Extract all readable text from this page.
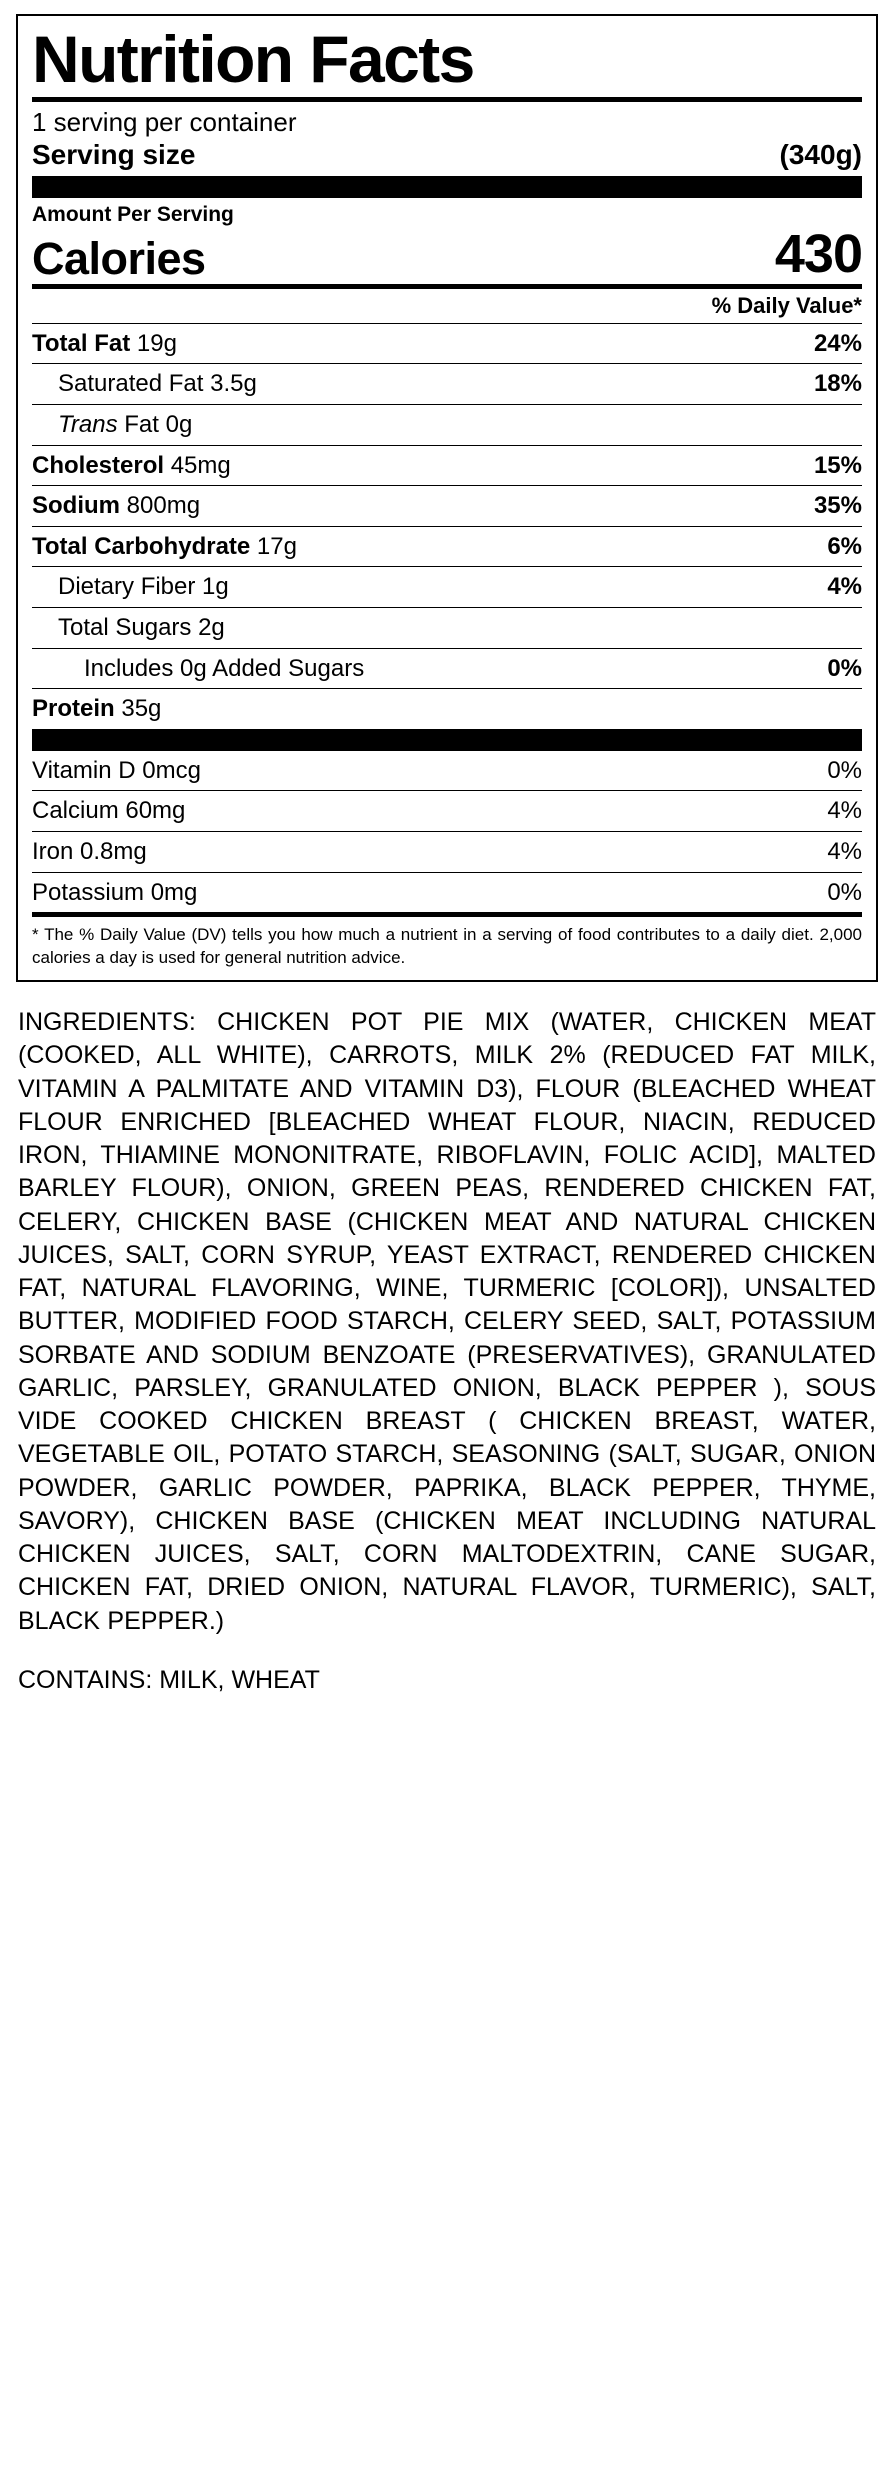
Nutrition Facts
1 serving per container
Serving size	(340g)
Amount Per Serving
Calories	430
% Daily Value*
Total Fat 19g	24%
Saturated Fat 3.5g	18%
Trans Fat 0g
Cholesterol 45mg	15%
Sodium 800mg	35%
Total Carbohydrate 17g	6%
Dietary Fiber 1g	4%
Total Sugars 2g
Includes 0g Added Sugars	0%
Protein 35g
Vitamin D 0mcg	0%
Calcium 60mg	4%
Iron 0.8mg	4%
Potassium 0mg	0%
* The % Daily Value (DV) tells you how much a nutrient in a serving of food contributes to a daily diet. 2,000 calories a day is used for general nutrition advice.
INGREDIENTS: CHICKEN POT PIE MIX (WATER, CHICKEN MEAT (COOKED, ALL WHITE), CARROTS, MILK 2% (REDUCED FAT MILK, VITAMIN A PALMITATE AND VITAMIN D3), FLOUR (BLEACHED WHEAT FLOUR ENRICHED [BLEACHED WHEAT FLOUR, NIACIN, REDUCED IRON, THIAMINE MONONITRATE, RIBOFLAVIN, FOLIC ACID], MALTED BARLEY FLOUR), ONION, GREEN PEAS, RENDERED CHICKEN FAT, CELERY, CHICKEN BASE (CHICKEN MEAT AND NATURAL CHICKEN JUICES, SALT, CORN SYRUP, YEAST EXTRACT, RENDERED CHICKEN FAT, NATURAL FLAVORING, WINE, TURMERIC [COLOR]), UNSALTED BUTTER, MODIFIED FOOD STARCH, CELERY SEED, SALT, POTASSIUM SORBATE AND SODIUM BENZOATE (PRESERVATIVES), GRANULATED GARLIC, PARSLEY, GRANULATED ONION, BLACK PEPPER ), SOUS VIDE COOKED CHICKEN BREAST ( CHICKEN BREAST, WATER, VEGETABLE OIL, POTATO STARCH, SEASONING (SALT, SUGAR, ONION POWDER, GARLIC POWDER, PAPRIKA, BLACK PEPPER, THYME, SAVORY), CHICKEN BASE (CHICKEN MEAT INCLUDING NATURAL CHICKEN JUICES, SALT, CORN MALTODEXTRIN, CANE SUGAR, CHICKEN FAT, DRIED ONION, NATURAL FLAVOR, TURMERIC), SALT, BLACK PEPPER.)
CONTAINS: MILK, WHEAT
